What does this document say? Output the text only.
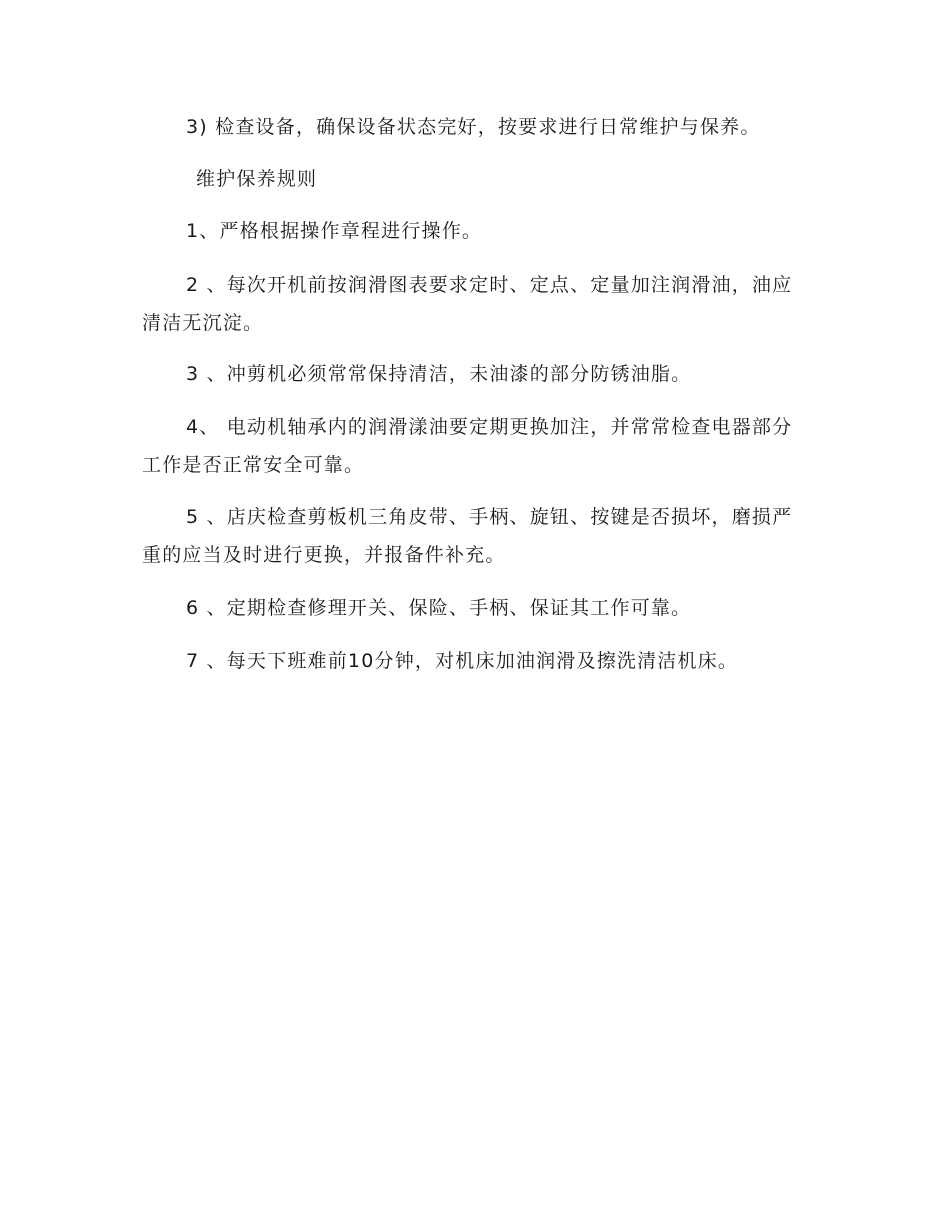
3) 检查设备，确保设备状态完好，按要求进行日常维护与保养。

维护保养规则

1、严格根据操作章程进行操作。

2 、每次开机前按润滑图表要求定时、定点、定量加注润滑油，油应清洁无沉淀。

3 、冲剪机必须常常保持清洁，未油漆的部分防锈油脂。

4、 电动机轴承内的润滑漾油要定期更换加注，并常常检查电器部分工作是否正常安全可靠。

5 、店庆检查剪板机三角皮带、手柄、旋钮、按键是否损坏，磨损严重的应当及时进行更换，并报备件补充。

6 、定期检查修理开关、保险、手柄、保证其工作可靠。

7 、每天下班难前10分钟，对机床加油润滑及擦洗清洁机床。
